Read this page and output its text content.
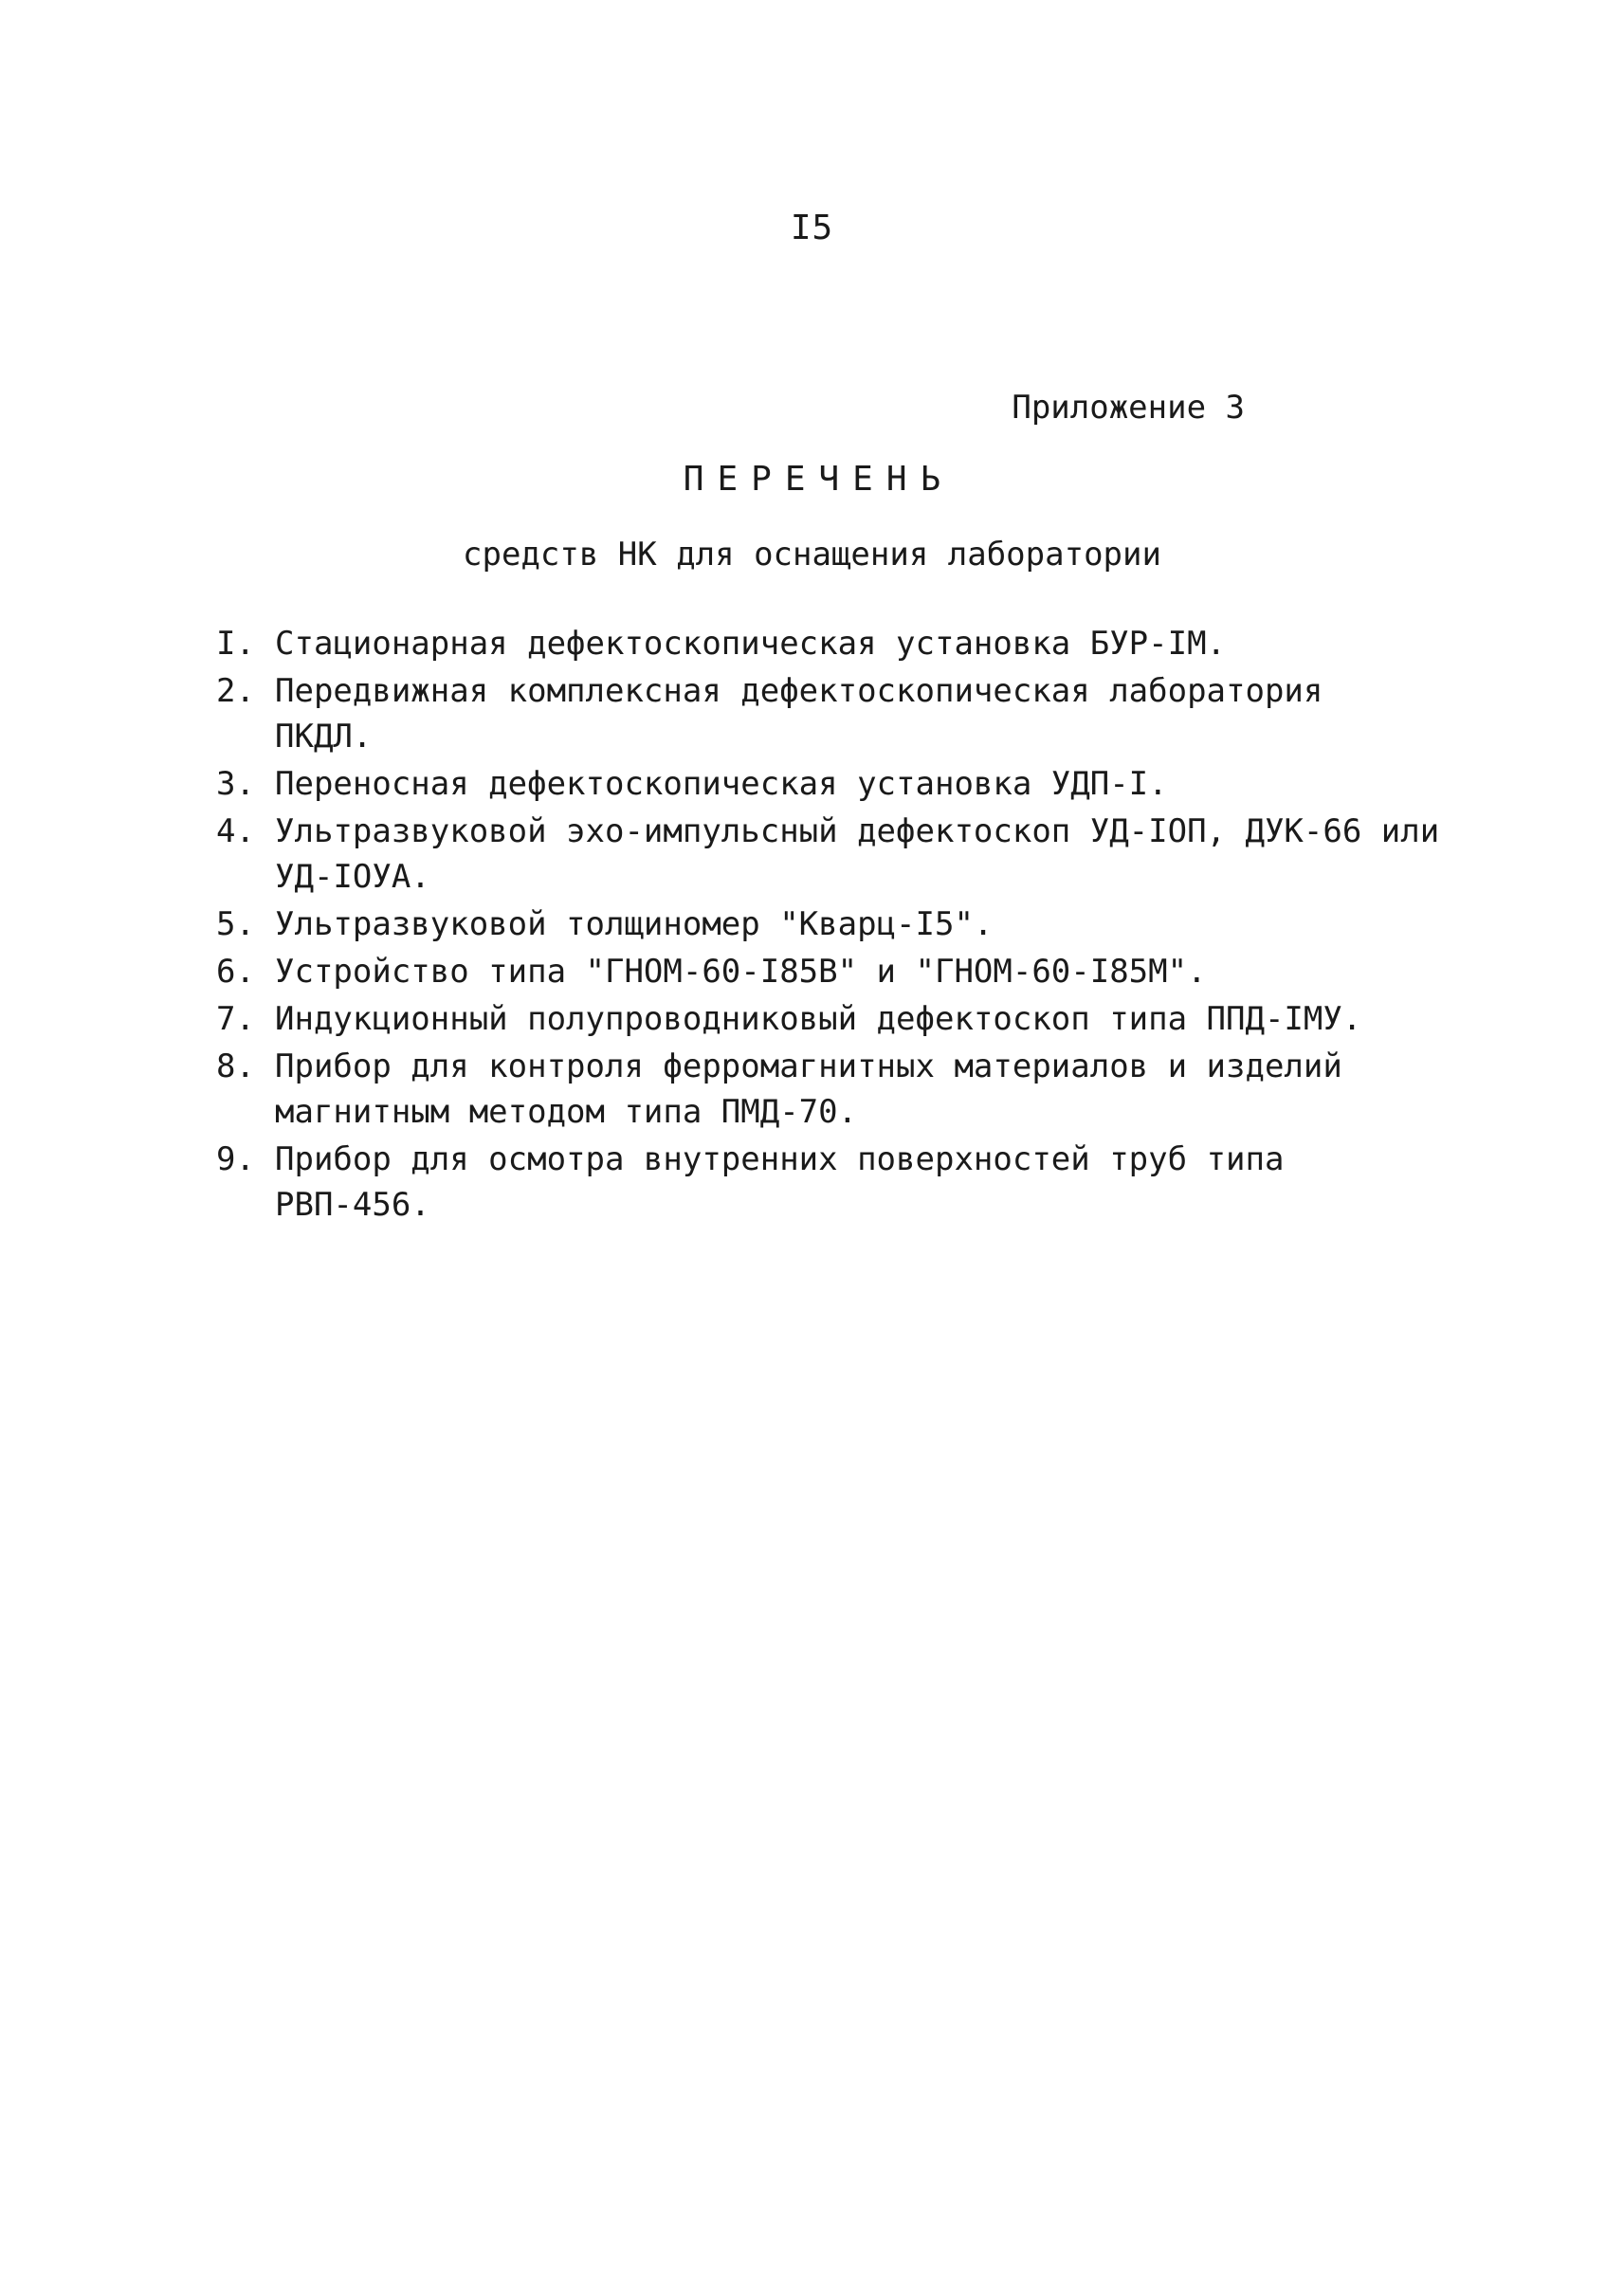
I5
Приложение 3
ПЕРЕЧЕНЬ
средств НК для оснащения лаборатории
I. Стационарная дефектоскопическая установка БУР-IМ.
2. Передвижная комплексная дефектоскопическая лаборатория
ПКДЛ.
3. Переносная дефектоскопическая установка УДП-I.
4. Ультразвуковой эхо-импульсный дефектоскоп УД-IОП, ДУК-66 или
УД-IОУА.
5. Ультразвуковой толщиномер "Кварц-I5".
6. Устройство типа "ГНОМ-60-I85В" и "ГНОМ-60-I85М".
7. Индукционный полупроводниковый дефектоскоп типа ППД-IМУ.
8. Прибор для контроля ферромагнитных материалов и изделий
магнитным методом типа ПМД-70.
9. Прибор для осмотра внутренних поверхностей труб типа
РВП-456.
